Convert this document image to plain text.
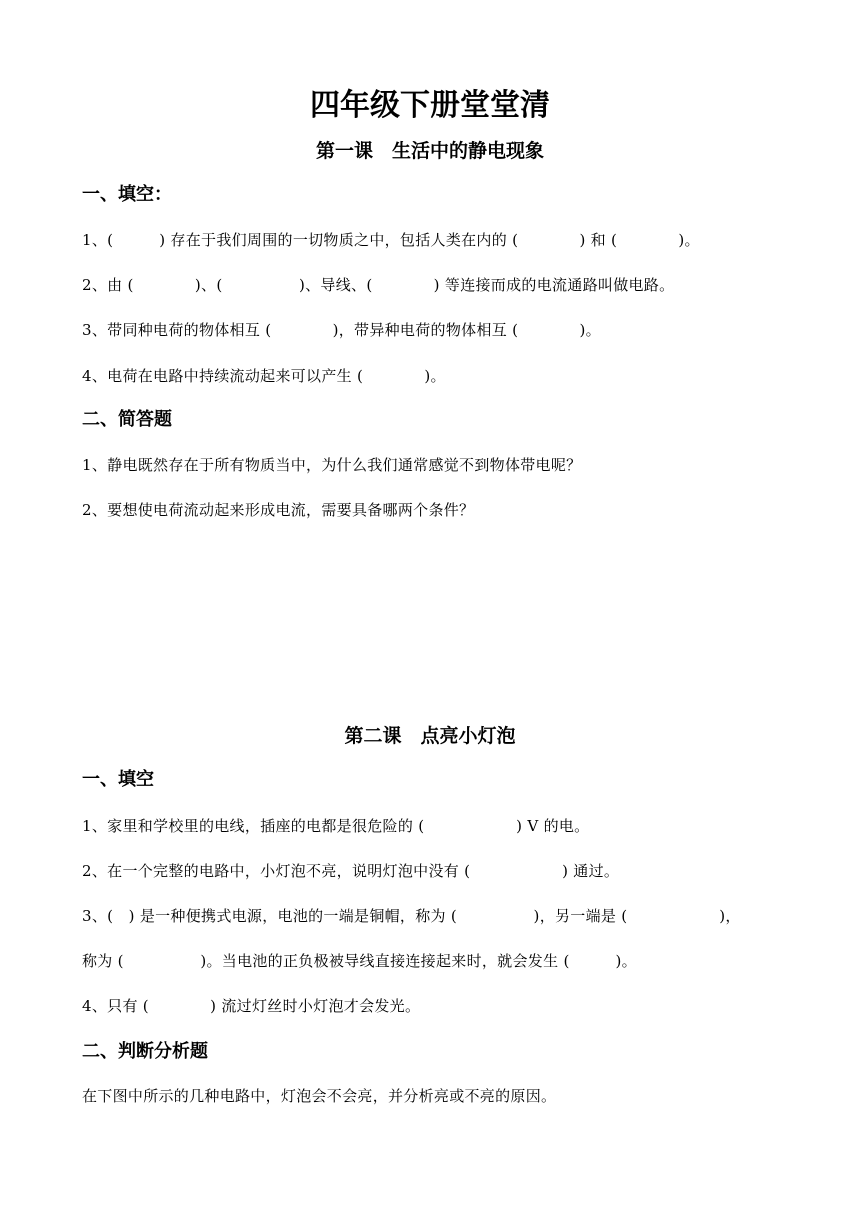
四年级下册堂堂清
第一课　生活中的静电现象
一、填空：
1、(　　　) 存在于我们周围的一切物质之中，包括人类在内的 (　　　　) 和 (　　　　)。
2、由 (　　　　)、(　　　　　)、导线、(　　　　) 等连接而成的电流通路叫做电路。
3、带同种电荷的物体相互 (　　　　)，带异种电荷的物体相互 (　　　　)。
4、电荷在电路中持续流动起来可以产生 (　　　　)。
二、简答题
1、静电既然存在于所有物质当中，为什么我们通常感觉不到物体带电呢？
2、要想使电荷流动起来形成电流，需要具备哪两个条件？
第二课　点亮小灯泡
一、填空
1、家里和学校里的电线，插座的电都是很危险的 (　　　　　　) V 的电。
2、在一个完整的电路中，小灯泡不亮，说明灯泡中没有 (　　　　　　) 通过。
3、(　) 是一种便携式电源，电池的一端是铜帽，称为 (　　　　　)，另一端是 (　　　　　　)，
称为 (　　　　　)。当电池的正负极被导线直接连接起来时，就会发生 (　　　)。
4、只有 (　　　　) 流过灯丝时小灯泡才会发光。
二、判断分析题
在下图中所示的几种电路中，灯泡会不会亮，并分析亮或不亮的原因。
